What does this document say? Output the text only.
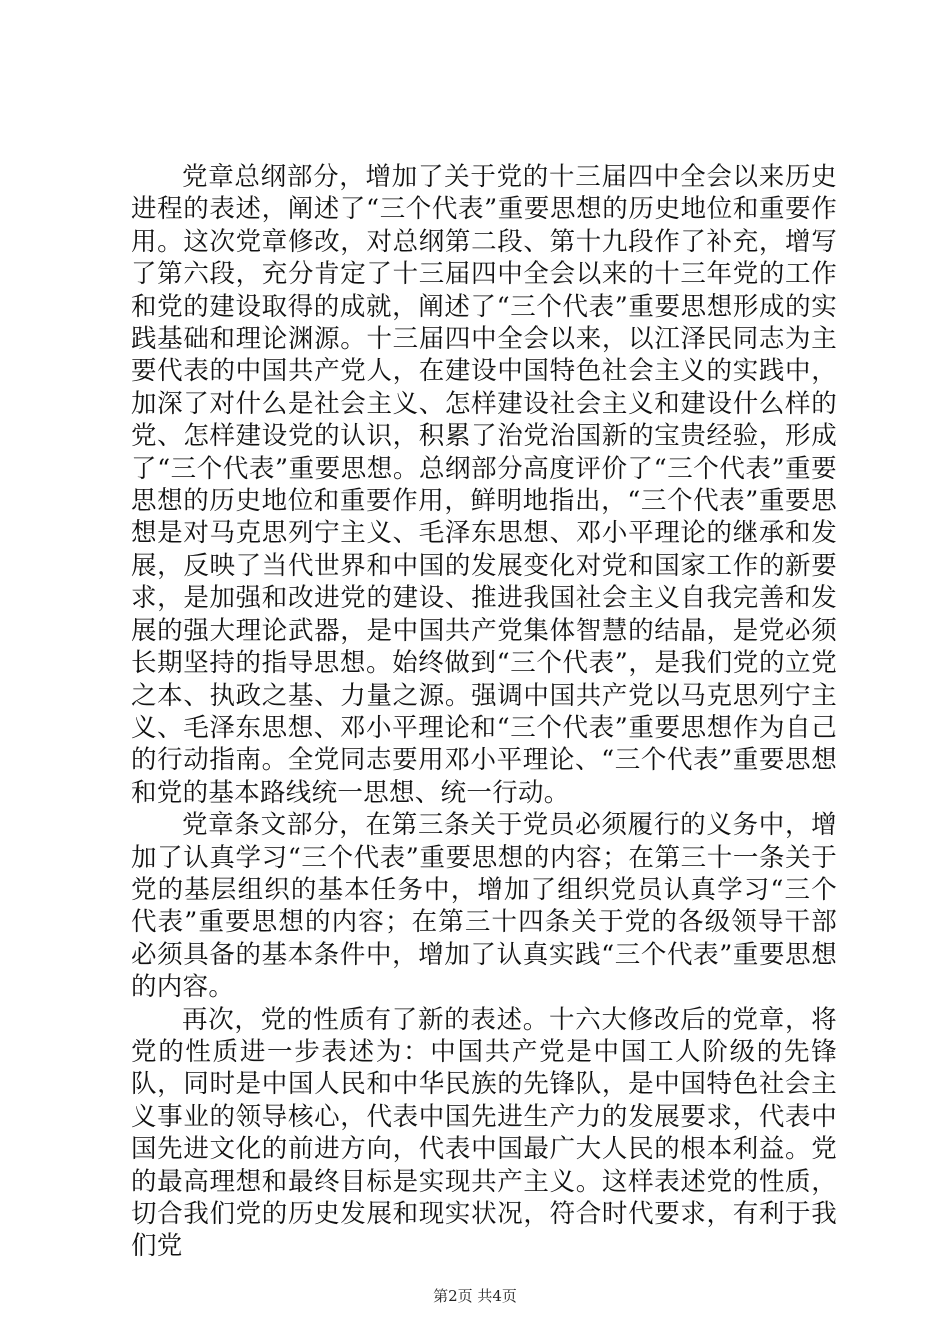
党章总纲部分，增加了关于党的十三届四中全会以来历史进程的表述，阐述了“三个代表”重要思想的历史地位和重要作用。这次党章修改，对总纲第二段、第十九段作了补充，增写了第六段，充分肯定了十三届四中全会以来的十三年党的工作和党的建设取得的成就，阐述了“三个代表”重要思想形成的实践基础和理论渊源。十三届四中全会以来，以江泽民同志为主要代表的中国共产党人，在建设中国特色社会主义的实践中，加深了对什么是社会主义、怎样建设社会主义和建设什么样的党、怎样建设党的认识，积累了治党治国新的宝贵经验，形成了“三个代表”重要思想。总纲部分高度评价了“三个代表”重要思想的历史地位和重要作用，鲜明地指出，“三个代表”重要思想是对马克思列宁主义、毛泽东思想、邓小平理论的继承和发展，反映了当代世界和中国的发展变化对党和国家工作的新要求，是加强和改进党的建设、推进我国社会主义自我完善和发展的强大理论武器，是中国共产党集体智慧的结晶，是党必须长期坚持的指导思想。始终做到“三个代表”，是我们党的立党之本、执政之基、力量之源。强调中国共产党以马克思列宁主义、毛泽东思想、邓小平理论和“三个代表”重要思想作为自己的行动指南。全党同志要用邓小平理论、“三个代表”重要思想和党的基本路线统一思想、统一行动。

党章条文部分，在第三条关于党员必须履行的义务中，增加了认真学习“三个代表”重要思想的内容；在第三十一条关于党的基层组织的基本任务中，增加了组织党员认真学习“三个代表”重要思想的内容；在第三十四条关于党的各级领导干部必须具备的基本条件中，增加了认真实践“三个代表”重要思想的内容。

再次，党的性质有了新的表述。十六大修改后的党章，将党的性质进一步表述为：中国共产党是中国工人阶级的先锋队，同时是中国人民和中华民族的先锋队，是中国特色社会主义事业的领导核心，代表中国先进生产力的发展要求，代表中国先进文化的前进方向，代表中国最广大人民的根本利益。党的最高理想和最终目标是实现共产主义。这样表述党的性质，切合我们党的历史发展和现实状况，符合时代要求，有利于我们党

第2页 共4页
